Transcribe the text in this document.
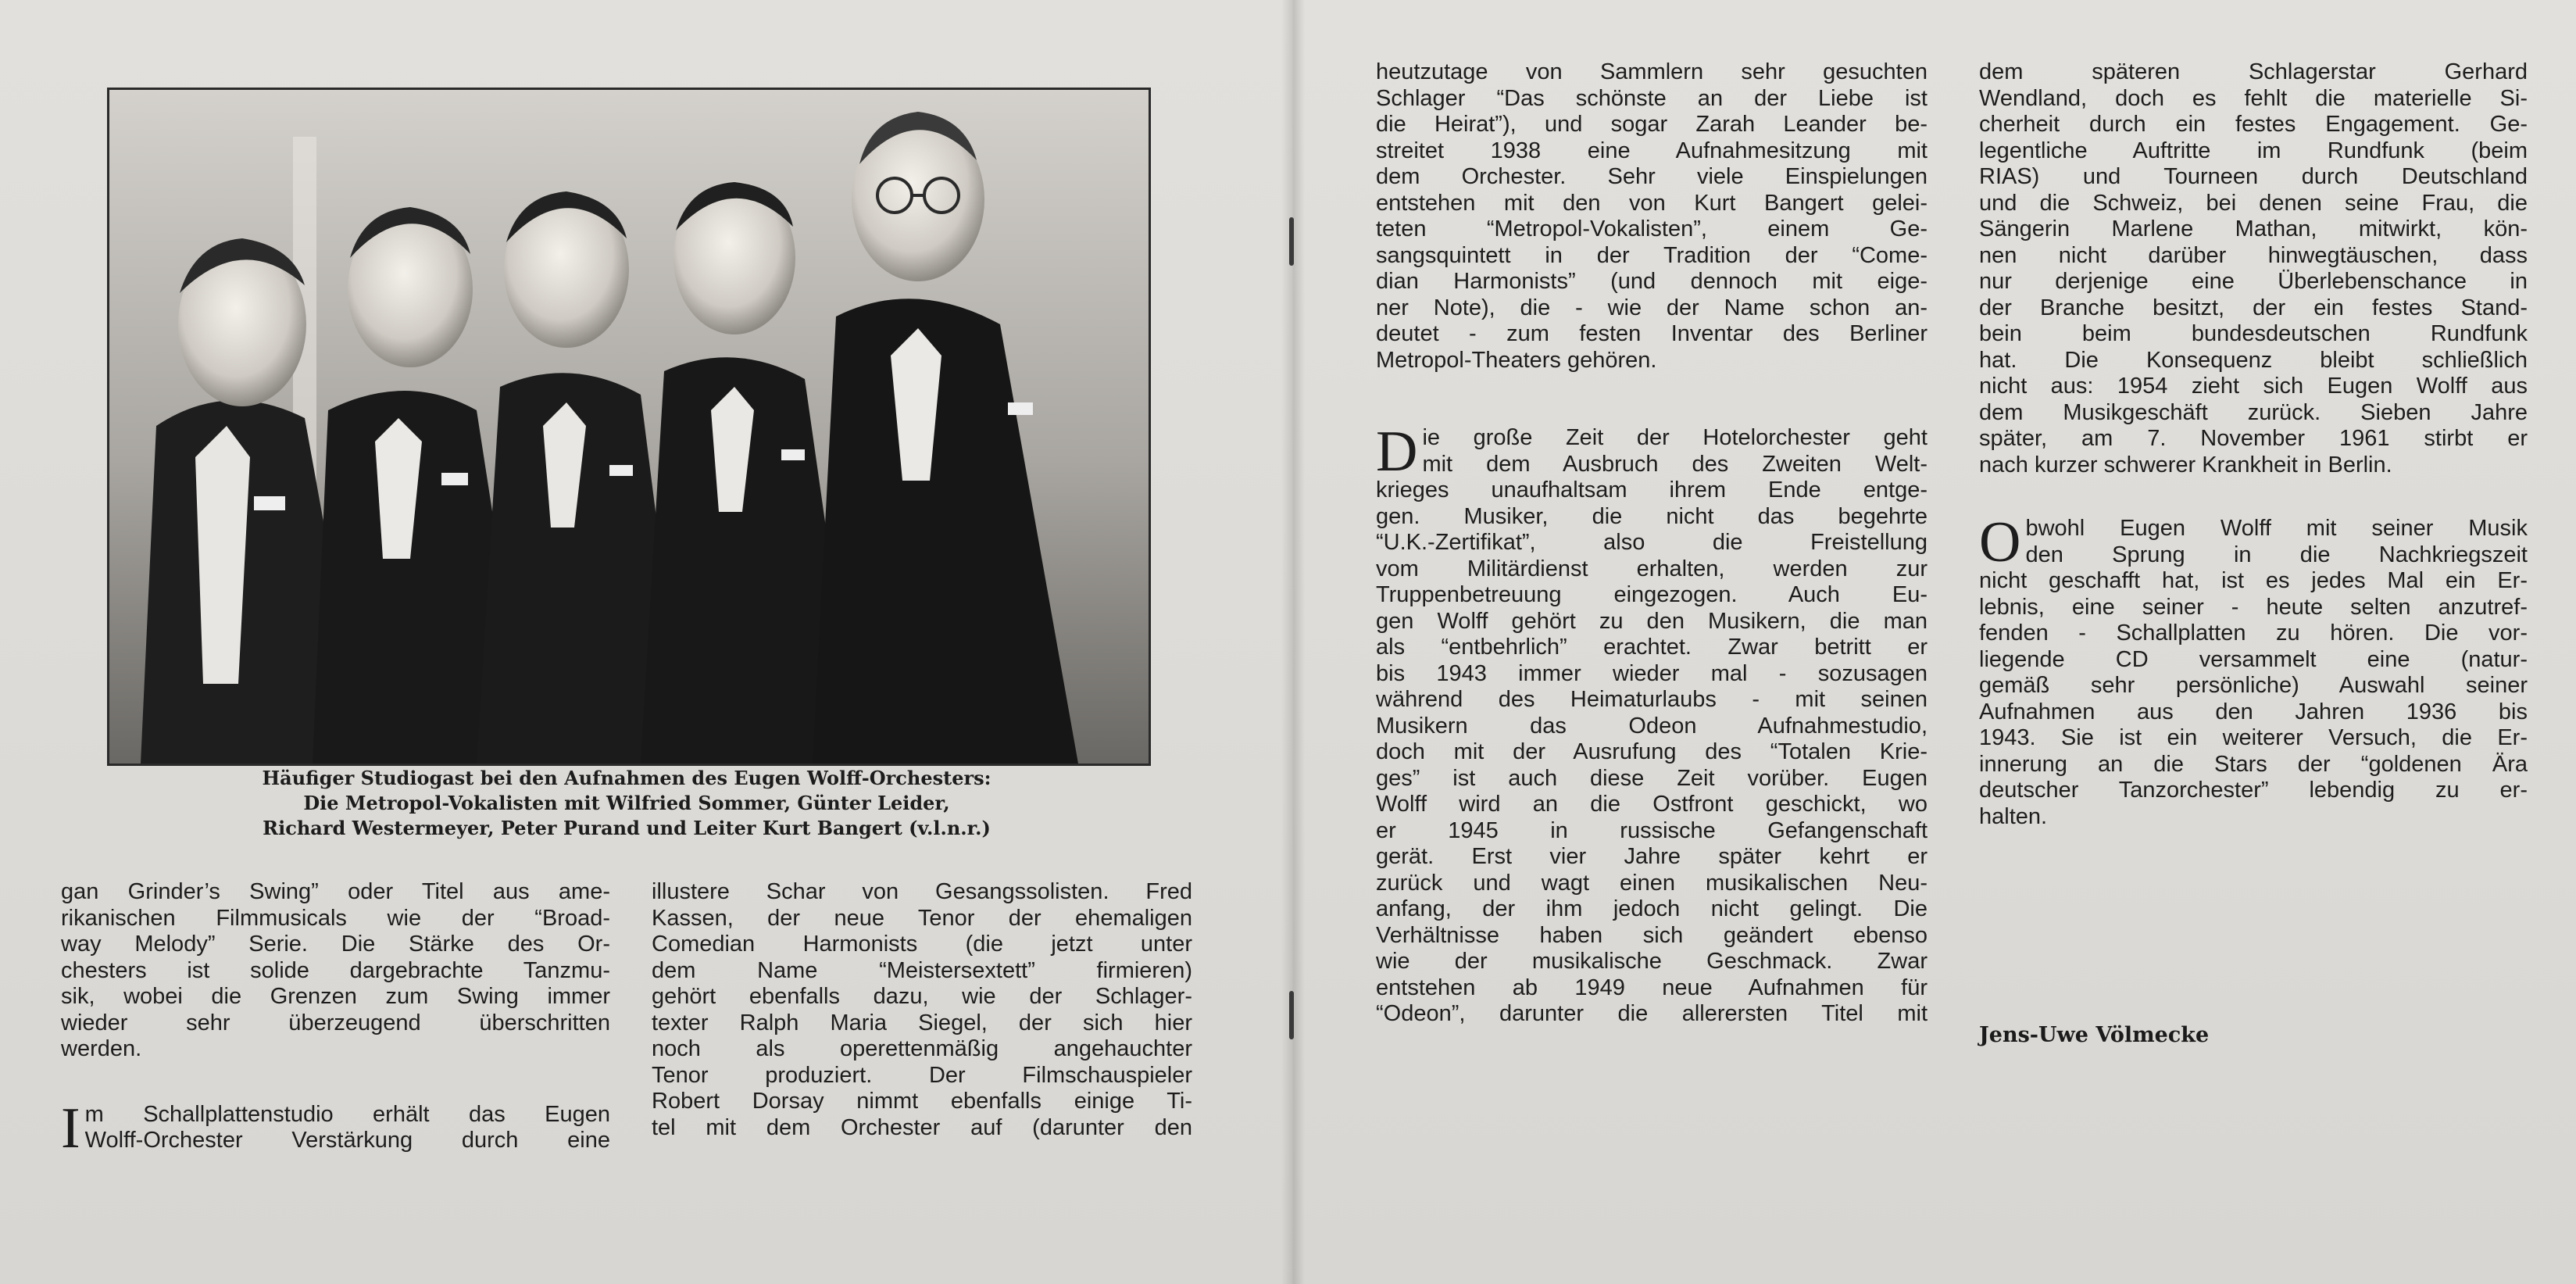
Häufiger Studiogast bei den Aufnahmen des Eugen Wolff-Orchesters:
Die Metropol-Vokalisten mit Wilfried Sommer, Günter Leider,
Richard Westermeyer, Peter Purand und Leiter Kurt Bangert (v.l.n.r.)
gan Grinder’s Swing” oder Titel aus ame-
rikanischen Filmmusicals wie der “Broad-
way Melody” Serie. Die Stärke des Or-
chesters ist solide dargebrachte Tanzmu-
sik, wobei die Grenzen zum Swing immer
wieder sehr überzeugend überschritten
werden.
I m Schallplattenstudio erhält das Eugen
Wolff-Orchester Verstärkung durch eine
illustere Schar von Gesangssolisten. Fred
Kassen, der neue Tenor der ehemaligen
Comedian Harmonists (die jetzt unter
dem Name “Meistersextett” firmieren)
gehört ebenfalls dazu, wie der Schlager-
texter Ralph Maria Siegel, der sich hier
noch als operettenmäßig angehauchter
Tenor produziert. Der Filmschauspieler
Robert Dorsay nimmt ebenfalls einige Ti-
tel mit dem Orchester auf (darunter den
heutzutage von Sammlern sehr gesuchten
Schlager “Das schönste an der Liebe ist
die Heirat”), und sogar Zarah Leander be-
streitet 1938 eine Aufnahmesitzung mit
dem Orchester. Sehr viele Einspielungen
entstehen mit den von Kurt Bangert gelei-
teten “Metropol-Vokalisten”, einem Ge-
sangsquintett in der Tradition der “Come-
dian Harmonists” (und dennoch mit eige-
ner Note), die - wie der Name schon an-
deutet - zum festen Inventar des Berliner
Metropol-Theaters gehören.
D ie große Zeit der Hotelorchester geht
mit dem Ausbruch des Zweiten Welt-
krieges unaufhaltsam ihrem Ende entge-
gen. Musiker, die nicht das begehrte
“U.K.-Zertifikat”, also die Freistellung
vom Militärdienst erhalten, werden zur
Truppenbetreuung eingezogen. Auch Eu-
gen Wolff gehört zu den Musikern, die man
als “entbehrlich” erachtet. Zwar betritt er
bis 1943 immer wieder mal - sozusagen
während des Heimaturlaubs - mit seinen
Musikern das Odeon Aufnahmestudio,
doch mit der Ausrufung des “Totalen Krie-
ges” ist auch diese Zeit vorüber. Eugen
Wolff wird an die Ostfront geschickt, wo
er 1945 in russische Gefangenschaft
gerät. Erst vier Jahre später kehrt er
zurück und wagt einen musikalischen Neu-
anfang, der ihm jedoch nicht gelingt. Die
Verhältnisse haben sich geändert ebenso
wie der musikalische Geschmack. Zwar
entstehen ab 1949 neue Aufnahmen für
“Odeon”, darunter die allerersten Titel mit
dem späteren Schlagerstar Gerhard
Wendland, doch es fehlt die materielle Si-
cherheit durch ein festes Engagement. Ge-
legentliche Auftritte im Rundfunk (beim
RIAS) und Tourneen durch Deutschland
und die Schweiz, bei denen seine Frau, die
Sängerin Marlene Mathan, mitwirkt, kön-
nen nicht darüber hinwegtäuschen, dass
nur derjenige eine Überlebenschance in
der Branche besitzt, der ein festes Stand-
bein beim bundesdeutschen Rundfunk
hat. Die Konsequenz bleibt schließlich
nicht aus: 1954 zieht sich Eugen Wolff aus
dem Musikgeschäft zurück. Sieben Jahre
später, am 7. November 1961 stirbt er
nach kurzer schwerer Krankheit in Berlin.
O bwohl Eugen Wolff mit seiner Musik
den Sprung in die Nachkriegszeit
nicht geschafft hat, ist es jedes Mal ein Er-
lebnis, eine seiner - heute selten anzutref-
fenden - Schallplatten zu hören. Die vor-
liegende CD versammelt eine (natur-
gemäß sehr persönliche) Auswahl seiner
Aufnahmen aus den Jahren 1936 bis
1943. Sie ist ein weiterer Versuch, die Er-
innerung an die Stars der “goldenen Ära
deutscher Tanzorchester” lebendig zu er-
halten.
Jens-Uwe Völmecke
